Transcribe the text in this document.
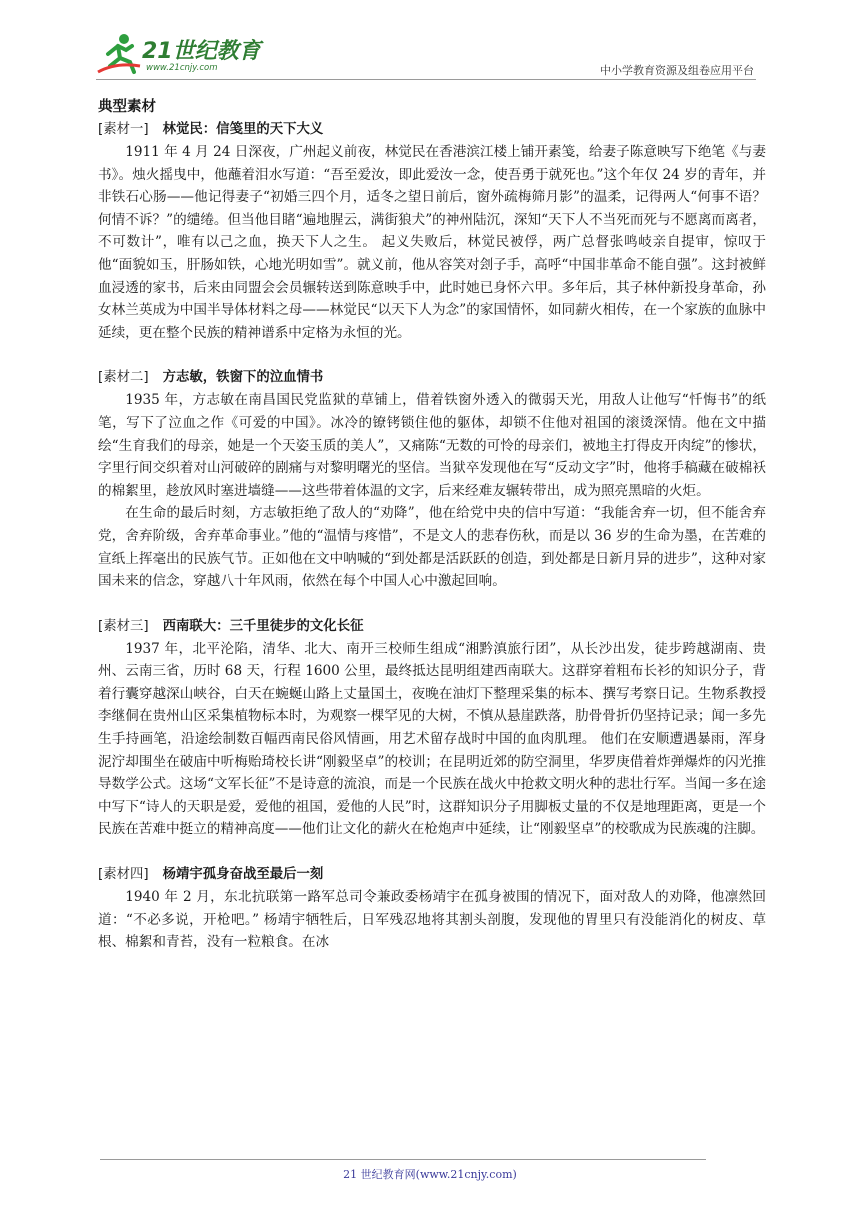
21世纪教育
www.21cnjy.com	中小学教育资源及组卷应用平台
典型素材
[素材一] 林觉民：信笺里的天下大义

1911 年 4 月 24 日深夜，广州起义前夜，林觉民在香港滨江楼上铺开素笺，给妻子陈意映写下绝笔《与妻书》。烛火摇曳中，他蘸着泪水写道：“吾至爱汝，即此爱汝一念，使吾勇于就死也。”这个年仅 24 岁的青年，并非铁石心肠——他记得妻子“初婚三四个月，适冬之望日前后，窗外疏梅筛月影”的温柔，记得两人“何事不语？何情不诉？”的缱绻。但当他目睹“遍地腥云，满街狼犬”的神州陆沉，深知“天下人不当死而死与不愿离而离者，不可数计”，唯有以己之血，换天下人之生。 起义失败后，林觉民被俘，两广总督张鸣岐亲自提审，惊叹于他“面貌如玉，肝肠如铁，心地光明如雪”。就义前，他从容笑对刽子手，高呼“中国非革命不能自强”。这封被鲜血浸透的家书，后来由同盟会会员辗转送到陈意映手中，此时她已身怀六甲。多年后，其子林仲新投身革命，孙女林兰英成为中国半导体材料之母——林觉民“以天下人为念”的家国情怀，如同薪火相传，在一个家族的血脉中延续，更在整个民族的精神谱系中定格为永恒的光。

[素材二] 方志敏，铁窗下的泣血情书

1935 年，方志敏在南昌国民党监狱的草铺上，借着铁窗外透入的微弱天光，用敌人让他写“忏悔书”的纸笔，写下了泣血之作《可爱的中国》。冰冷的镣铐锁住他的躯体，却锁不住他对祖国的滚烫深情。他在文中描绘“生育我们的母亲，她是一个天姿玉质的美人”，又痛陈“无数的可怜的母亲们，被地主打得皮开肉绽”的惨状，字里行间交织着对山河破碎的剧痛与对黎明曙光的坚信。当狱卒发现他在写“反动文字”时，他将手稿藏在破棉袄的棉絮里，趁放风时塞进墙缝——这些带着体温的文字，后来经难友辗转带出，成为照亮黑暗的火炬。

在生命的最后时刻，方志敏拒绝了敌人的“劝降”，他在给党中央的信中写道：“我能舍弃一切，但不能舍弃党，舍弃阶级，舍弃革命事业。”他的“温情与疼惜”，不是文人的悲春伤秋，而是以 36 岁的生命为墨，在苦难的宣纸上挥毫出的民族气节。正如他在文中呐喊的“到处都是活跃跃的创造，到处都是日新月异的进步”，这种对家国未来的信念，穿越八十年风雨，依然在每个中国人心中激起回响。

[素材三] 西南联大：三千里徒步的文化长征

1937 年，北平沦陷，清华、北大、南开三校师生组成“湘黔滇旅行团”，从长沙出发，徒步跨越湖南、贵州、云南三省，历时 68 天，行程 1600 公里，最终抵达昆明组建西南联大。这群穿着粗布长衫的知识分子，背着行囊穿越深山峡谷，白天在蜿蜒山路上丈量国土，夜晚在油灯下整理采集的标本、撰写考察日记。生物系教授李继侗在贵州山区采集植物标本时，为观察一棵罕见的大树，不慎从悬崖跌落，肋骨骨折仍坚持记录；闻一多先生手持画笔，沿途绘制数百幅西南民俗风情画，用艺术留存战时中国的血肉肌理。 他们在安顺遭遇暴雨，浑身泥泞却围坐在破庙中听梅贻琦校长讲“刚毅坚卓”的校训；在昆明近郊的防空洞里，华罗庚借着炸弹爆炸的闪光推导数学公式。这场“文军长征”不是诗意的流浪，而是一个民族在战火中抢救文明火种的悲壮行军。当闻一多在途中写下“诗人的天职是爱，爱他的祖国，爱他的人民”时，这群知识分子用脚板丈量的不仅是地理距离，更是一个民族在苦难中挺立的精神高度——他们让文化的薪火在枪炮声中延续，让“刚毅坚卓”的校歌成为民族魂的注脚。

[素材四] 杨靖宇孤身奋战至最后一刻

1940 年 2 月，东北抗联第一路军总司令兼政委杨靖宇在孤身被围的情况下，面对敌人的劝降，他凛然回道：“不必多说，开枪吧。” 杨靖宇牺牲后，日军残忍地将其割头剖腹，发现他的胃里只有没能消化的树皮、草根、棉絮和青苔，没有一粒粮食。在冰

21 世纪教育网(www.21cnjy.com)
